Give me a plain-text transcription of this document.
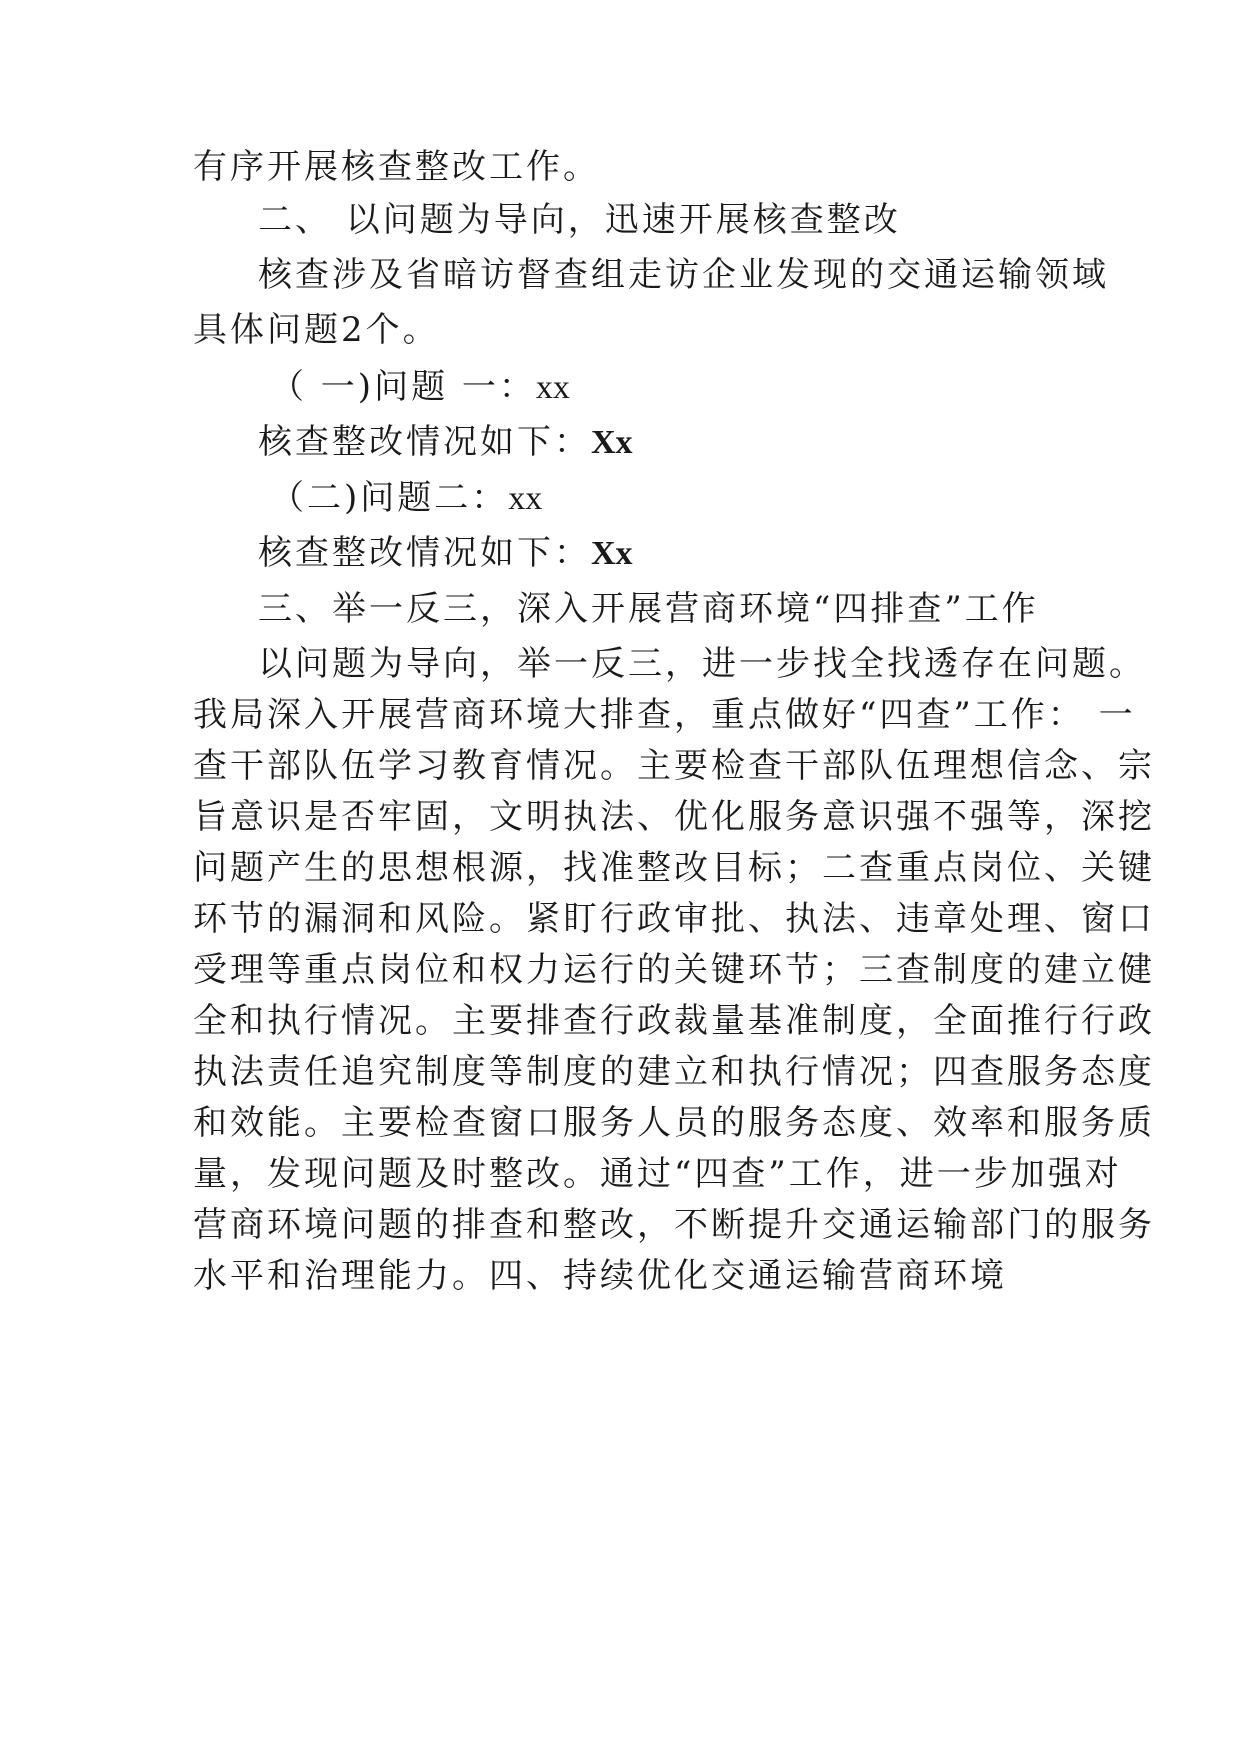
有序开展核查整改工作。
二、 以问题为导向，迅速开展核查整改
核查涉及省暗访督查组走访企业发现的交通运输领域
具体问题2个。
（ 一)问题 一：xx
核查整改情况如下：Xx
（二)问题二：xx
核查整改情况如下：Xx
三、举一反三，深入开展营商环境“四排查”工作
以问题为导向，举一反三，进一步找全找透存在问题。
我局深入开展营商环境大排查，重点做好“四查”工作： 一
查干部队伍学习教育情况。主要检查干部队伍理想信念、宗
旨意识是否牢固，文明执法、优化服务意识强不强等，深挖
问题产生的思想根源，找准整改目标；二查重点岗位、关键
环节的漏洞和风险。紧盯行政审批、执法、违章处理、窗口
受理等重点岗位和权力运行的关键环节；三查制度的建立健
全和执行情况。主要排查行政裁量基准制度，全面推行行政
执法责任追究制度等制度的建立和执行情况；四查服务态度
和效能。主要检查窗口服务人员的服务态度、效率和服务质
量，发现问题及时整改。通过“四查”工作，进一步加强对
营商环境问题的排查和整改，不断提升交通运输部门的服务
水平和治理能力。四、持续优化交通运输营商环境
